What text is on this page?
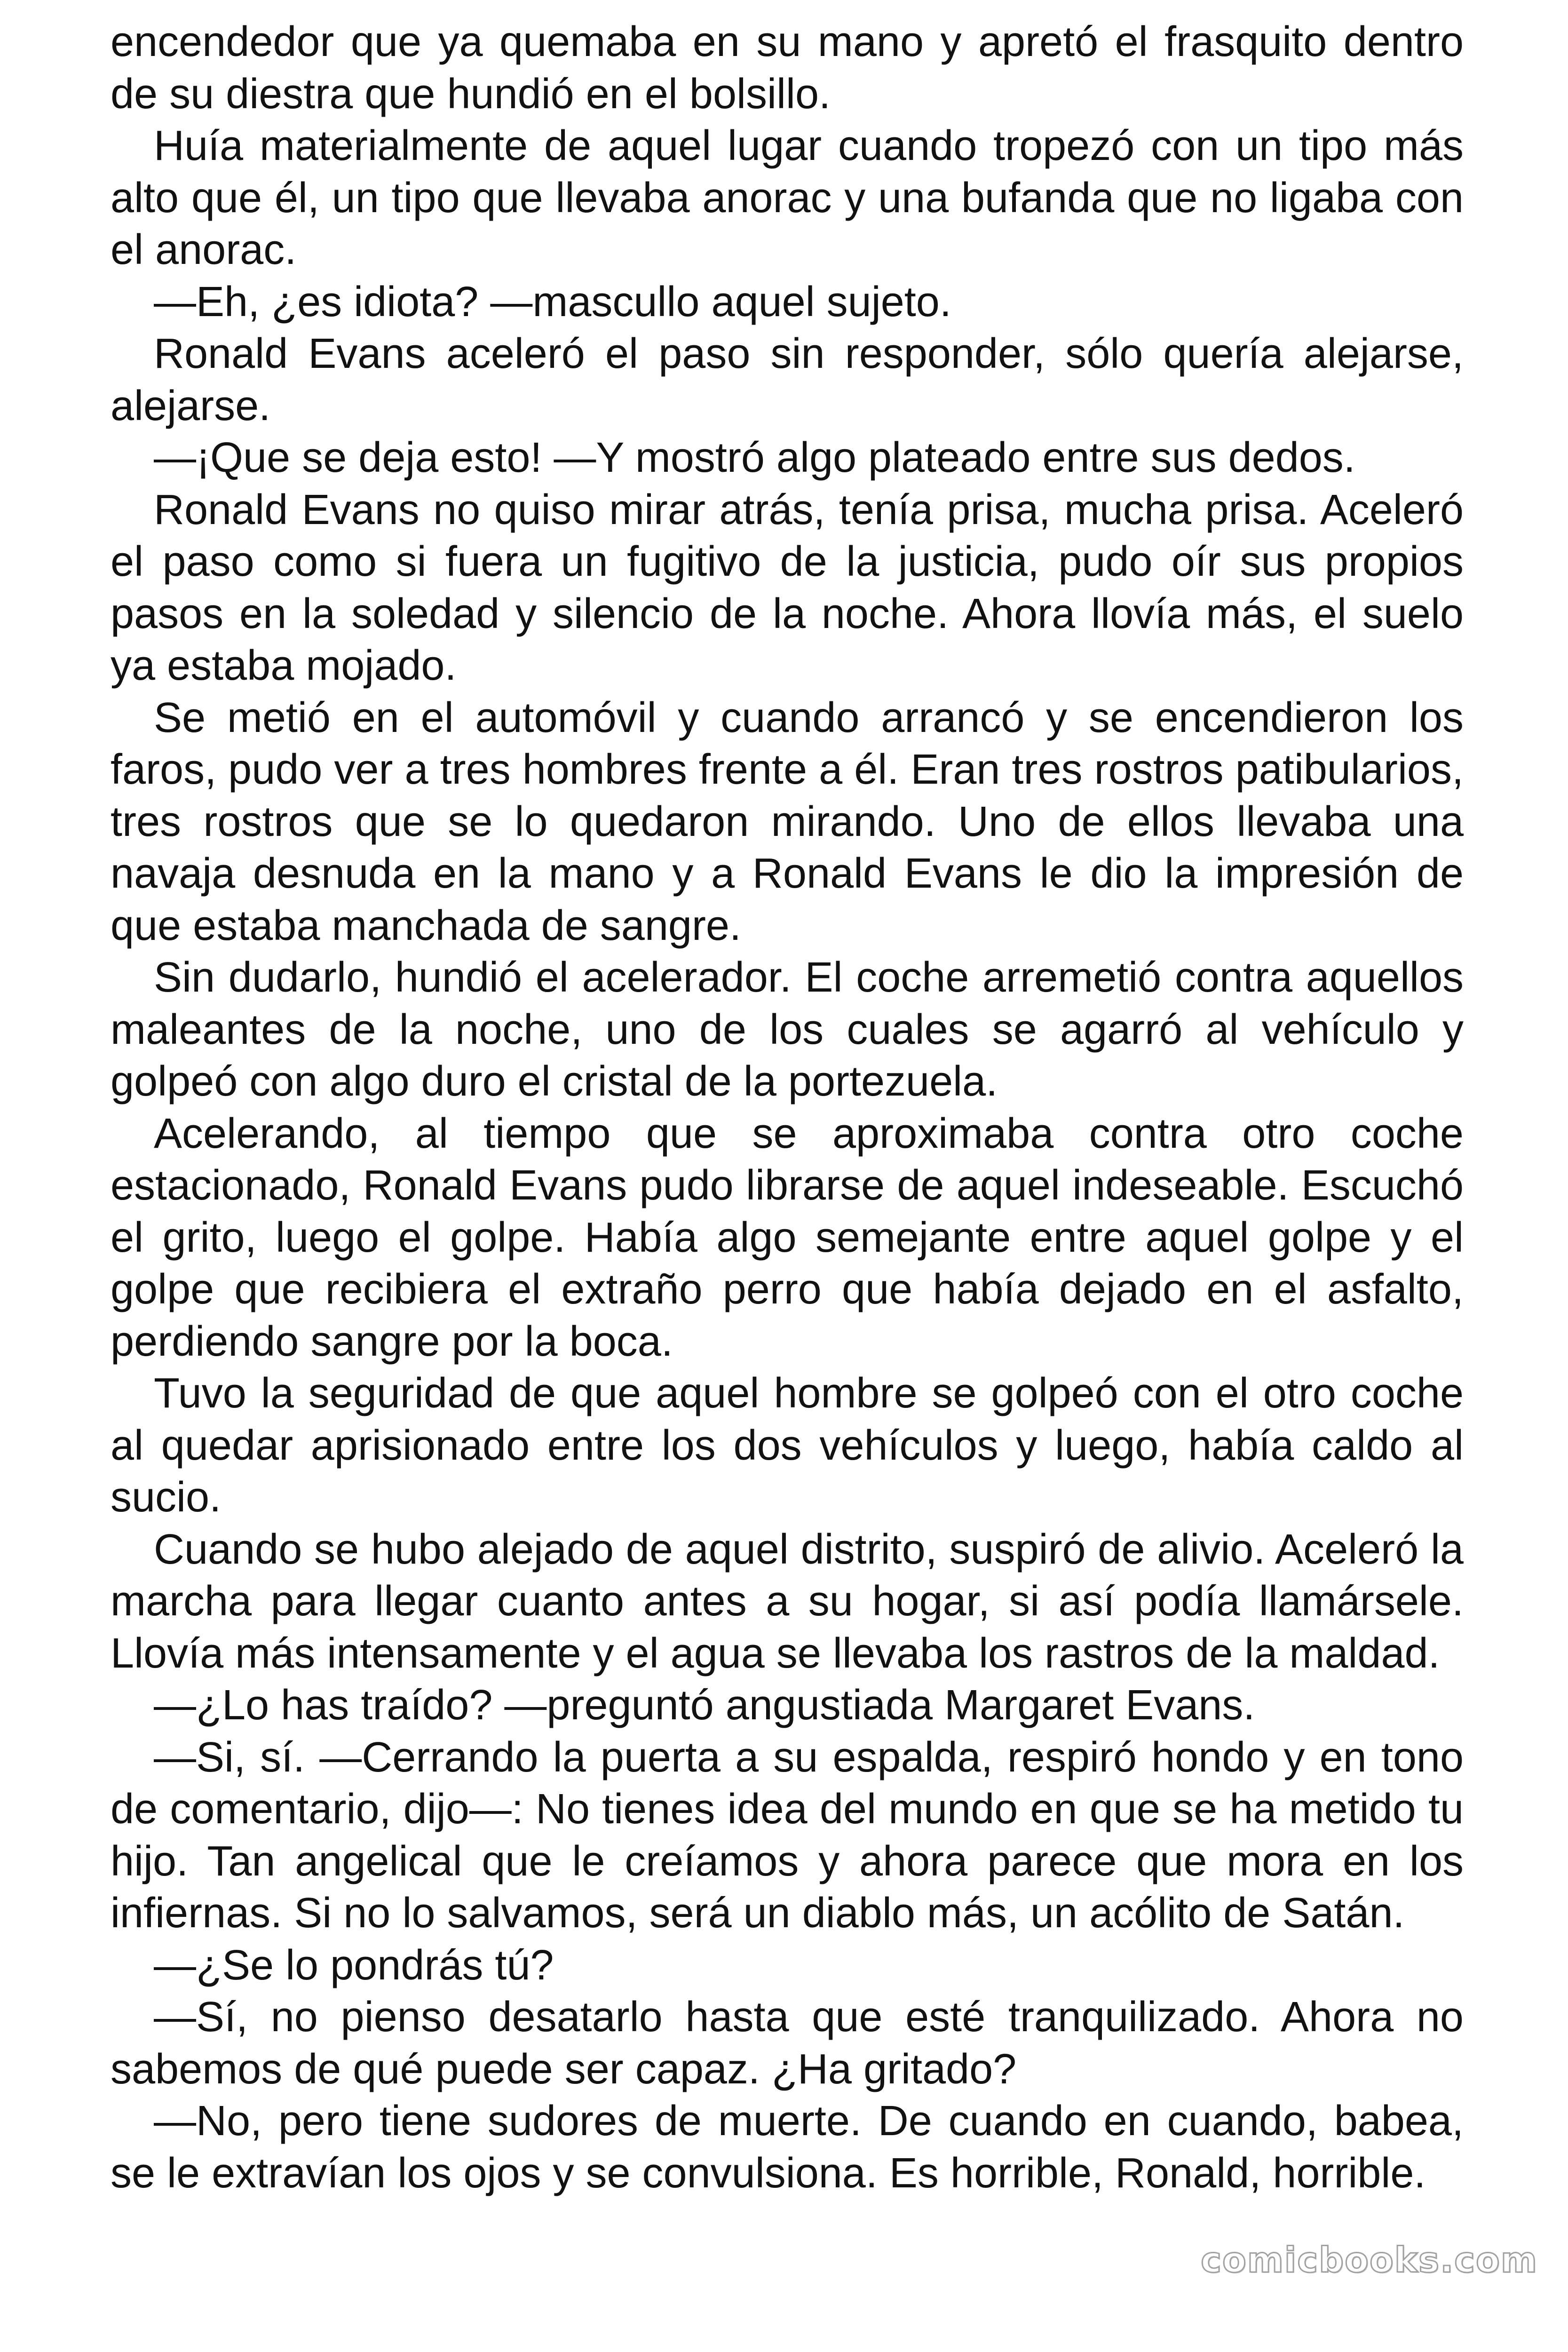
encendedor que ya quemaba en su mano y apretó el frasquito dentro de su diestra que hundió en el bolsillo.

Huía materialmente de aquel lugar cuando tropezó con un tipo más alto que él, un tipo que llevaba anorac y una bufanda que no ligaba con el anorac.

—Eh, ¿es idiota? —mascullo aquel sujeto.

Ronald Evans aceleró el paso sin responder, sólo quería alejarse, alejarse.

—¡Que se deja esto! —Y mostró algo plateado entre sus dedos.

Ronald Evans no quiso mirar atrás, tenía prisa, mucha prisa. Aceleró el paso como si fuera un fugitivo de la justicia, pudo oír sus propios pasos en la soledad y silencio de la noche. Ahora llovía más, el suelo ya estaba mojado.

Se metió en el automóvil y cuando arrancó y se encendieron los faros, pudo ver a tres hombres frente a él. Eran tres rostros patibularios, tres rostros que se lo quedaron mirando. Uno de ellos llevaba una navaja desnuda en la mano y a Ronald Evans le dio la impresión de que estaba manchada de sangre.

Sin dudarlo, hundió el acelerador. El coche arremetió contra aquellos maleantes de la noche, uno de los cuales se agarró al vehículo y golpeó con algo duro el cristal de la portezuela.

Acelerando, al tiempo que se aproximaba contra otro coche estacionado, Ronald Evans pudo librarse de aquel indeseable. Escuchó el grito, luego el golpe. Había algo semejante entre aquel golpe y el golpe que recibiera el extraño perro que había dejado en el asfalto, perdiendo sangre por la boca.

Tuvo la seguridad de que aquel hombre se golpeó con el otro coche al quedar aprisionado entre los dos vehículos y luego, había caldo al sucio.

Cuando se hubo alejado de aquel distrito, suspiró de alivio. Aceleró la marcha para llegar cuanto antes a su hogar, si así podía llamársele. Llovía más intensamente y el agua se llevaba los rastros de la maldad.

—¿Lo has traído? —preguntó angustiada Margaret Evans.

—Si, sí. —Cerrando la puerta a su espalda, respiró hondo y en tono de comentario, dijo—: No tienes idea del mundo en que se ha metido tu hijo. Tan angelical que le creíamos y ahora parece que mora en los infiernas. Si no lo salvamos, será un diablo más, un acólito de Satán.

—¿Se lo pondrás tú?

—Sí, no pienso desatarlo hasta que esté tranquilizado. Ahora no sabemos de qué puede ser capaz. ¿Ha gritado?

—No, pero tiene sudores de muerte. De cuando en cuando, babea, se le extravían los ojos y se convulsiona. Es horrible, Ronald, horrible.

comicbooks.com
